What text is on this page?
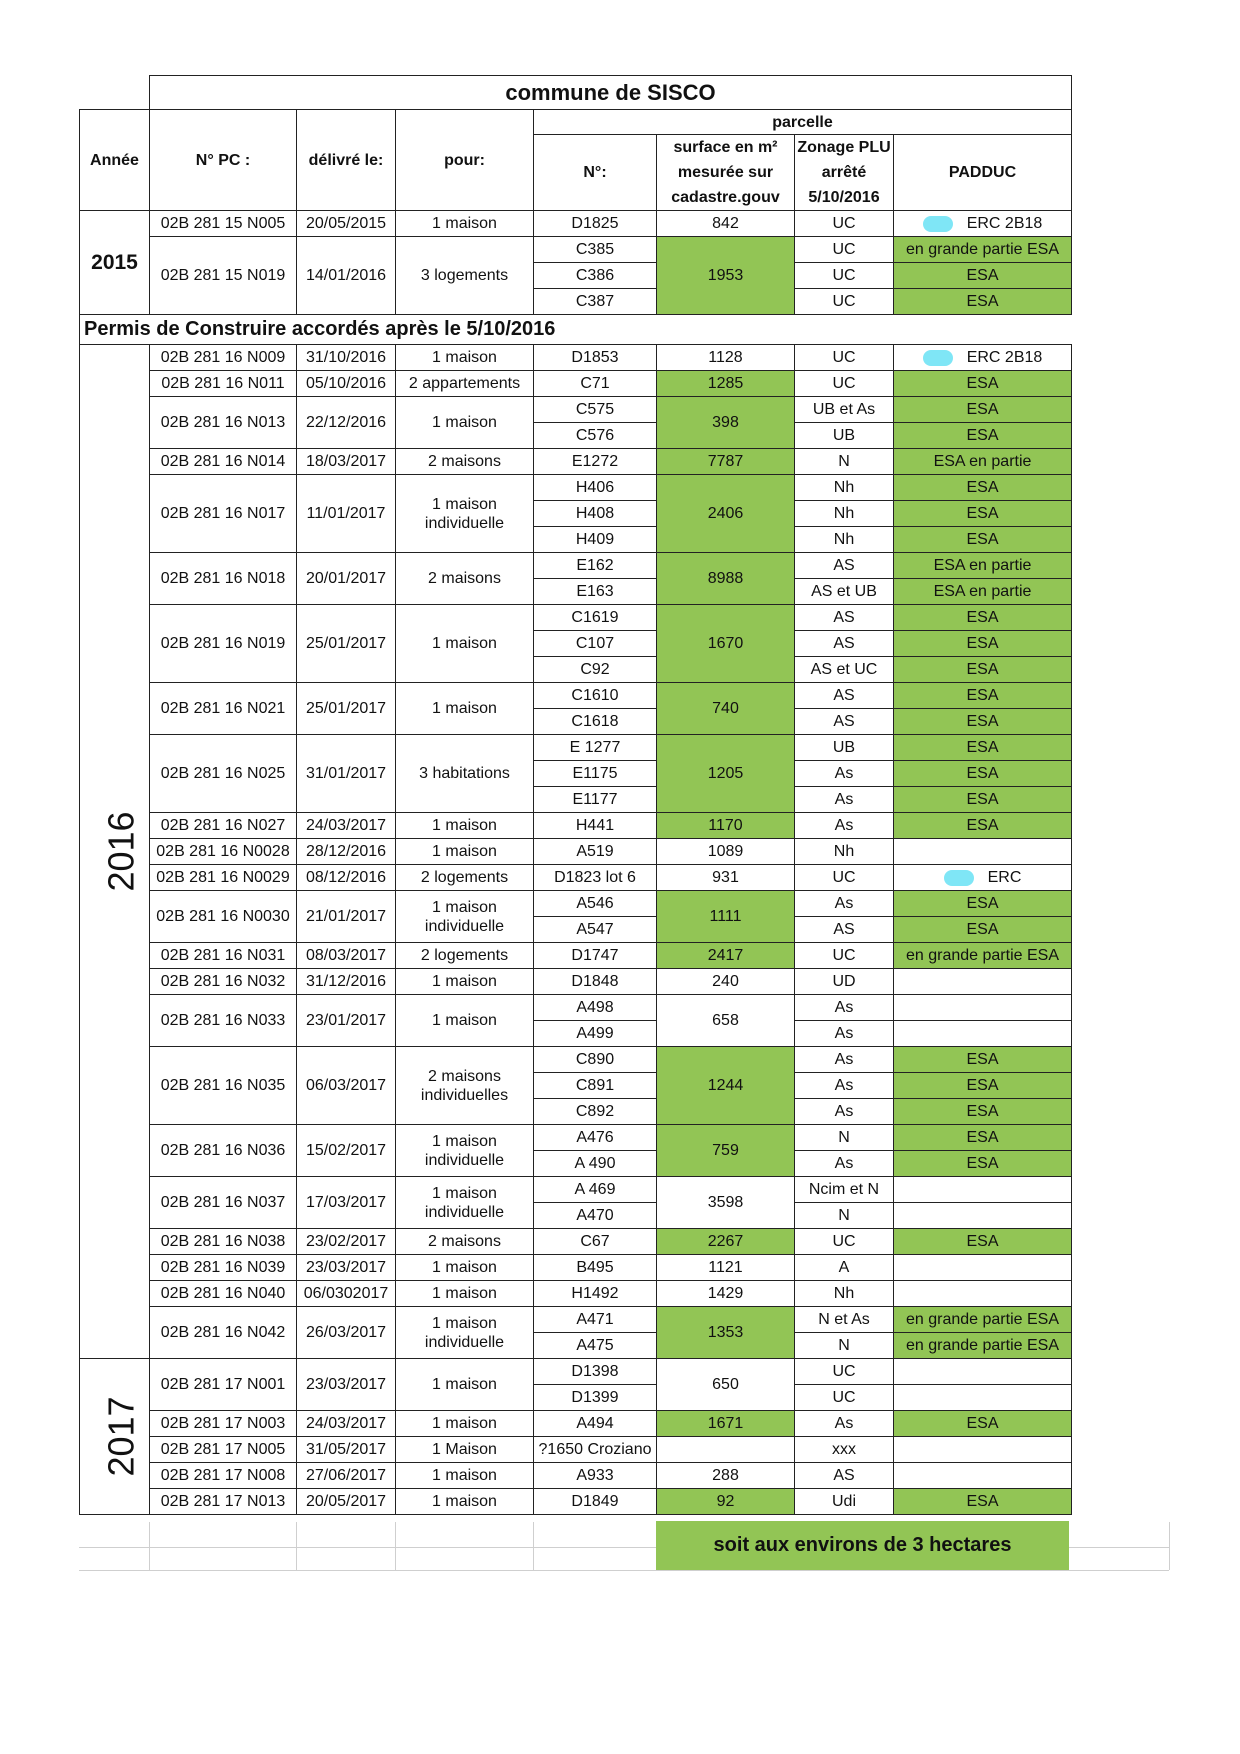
	commune de SISCO						
Année	N° PC :	délivré le:	pour:	parcelle			
				N°:	surface en m² mesurée sur cadastre.gouv	Zonage PLU arrêté 5/10/2016	PADDUC
2015	02B 281 15 N005	20/05/2015	1 maison	D1825	842	UC	ERC 2B18
	02B 281 15 N019	14/01/2016	3 logements	C385	1953	UC	en grande partie ESA
				C386		UC	ESA
				C387		UC	ESA
Permis de Construire accordés après le 5/10/2016							
2016	02B 281 16 N009	31/10/2016	1 maison	D1853	1128	UC	ERC 2B18
	02B 281 16 N011	05/10/2016	2 appartements	C71	1285	UC	ESA
	02B 281 16 N013	22/12/2016	1 maison	C575	398	UB et As	ESA
				C576		UB	ESA
	02B 281 16 N014	18/03/2017	2 maisons	E1272	7787	N	ESA en partie
	02B 281 16 N017	11/01/2017	1 maison individuelle	H406	2406	Nh	ESA
				H408		Nh	ESA
				H409		Nh	ESA
	02B 281 16 N018	20/01/2017	2 maisons	E162	8988	AS	ESA en partie
				E163		AS et UB	ESA en partie
	02B 281 16 N019	25/01/2017	1 maison	C1619	1670	AS	ESA
				C107		AS	ESA
				C92		AS et UC	ESA
	02B 281 16 N021	25/01/2017	1 maison	C1610	740	AS	ESA
				C1618		AS	ESA
	02B 281 16 N025	31/01/2017	3 habitations	E 1277	1205	UB	ESA
				E1175		As	ESA
				E1177		As	ESA
	02B 281 16 N027	24/03/2017	1 maison	H441	1170	As	ESA
	02B 281 16 N0028	28/12/2016	1 maison	A519	1089	Nh	
	02B 281 16 N0029	08/12/2016	2 logements	D1823 lot 6	931	UC	ERC
	02B 281 16 N0030	21/01/2017	1 maison individuelle	A546	1111	As	ESA
				A547		AS	ESA
	02B 281 16 N031	08/03/2017	2 logements	D1747	2417	UC	en grande partie ESA
	02B 281 16 N032	31/12/2016	1 maison	D1848	240	UD	
	02B 281 16 N033	23/01/2017	1 maison	A498	658	As	
				A499		As	
	02B 281 16 N035	06/03/2017	2 maisons individuelles	C890	1244	As	ESA
				C891		As	ESA
				C892		As	ESA
	02B 281 16 N036	15/02/2017	1 maison individuelle	A476	759	N	ESA
				A 490		As	ESA
	02B 281 16 N037	17/03/2017	1 maison individuelle	A 469	3598	Ncim et N	
				A470		N	
	02B 281 16 N038	23/02/2017	2 maisons	C67	2267	UC	ESA
	02B 281 16 N039	23/03/2017	1 maison	B495	1121	A	
	02B 281 16 N040	06/0302017	1 maison	H1492	1429	Nh	
	02B 281 16 N042	26/03/2017	1 maison individuelle	A471	1353	N et As	en grande partie ESA
				A475		N	en grande partie ESA
2017	02B 281 17 N001	23/03/2017	1 maison	D1398	650	UC	
				D1399		UC	
	02B 281 17 N003	24/03/2017	1 maison	A494	1671	As	ESA
	02B 281 17 N005	31/05/2017	1 Maison	?1650 Croziano		xxx	
	02B 281 17 N008	27/06/2017	1 maison	A933	288	AS	
	02B 281 17 N013	20/05/2017	1 maison	D1849	92	Udi	ESA
soit aux environs de 3 hectares
